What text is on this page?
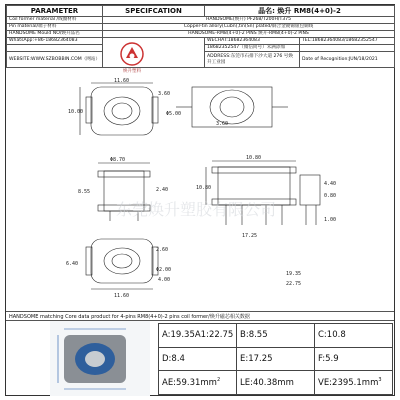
PARAMETER	SPECIFCATION	晶名: 焕升 RM8(4+0)-2	
Coil former material /线圈材料	HANDSOME(焕升) PF268/T200H/T375		
Pin material/端子材料	Copper-tin allory(Cubn),tin(Sn) plated/铜合金镀锡银包铜线		
HANDSOME Mould NO/焕升品名	HANDSOME-RM8(4+0)-2 PINS 焕升-RM8(4+0)-2 PINS		
WhatsApp:+86-18682364083		WECHAT:18682364083	TEL:18682364083/18682352547
		18682352547（微信同号）未满添加	
WEBSITE:WWW.SZBOBBIN.COM（网站）		ADDRESS:东莞市石排下沙大道 276 号焕升工业园	Date of Recognition:JUN/18/2021
焕升塑料
11.60
10.00
3.60
Φ5.00
Φ8.70
2.40
8.55
10.80
10.80
17.25
4.40
0.80
1.00
2.60
6.40
Φ2.00
4.00
11.60
19.35
22.75
3.60
东莞焕升塑胶有限公司
HANDSOME matching Core data product for 4-pins RM8(4+0)-2 pins coil former/焕升磁芯相关数据
A:19.35A1:22.75	B:8.55	C:10.8
D:8.4	E:17.25	F:5.9
$AE:59.31mm^2$	LE:40.38mm	$VE:2395.1mm^3$
